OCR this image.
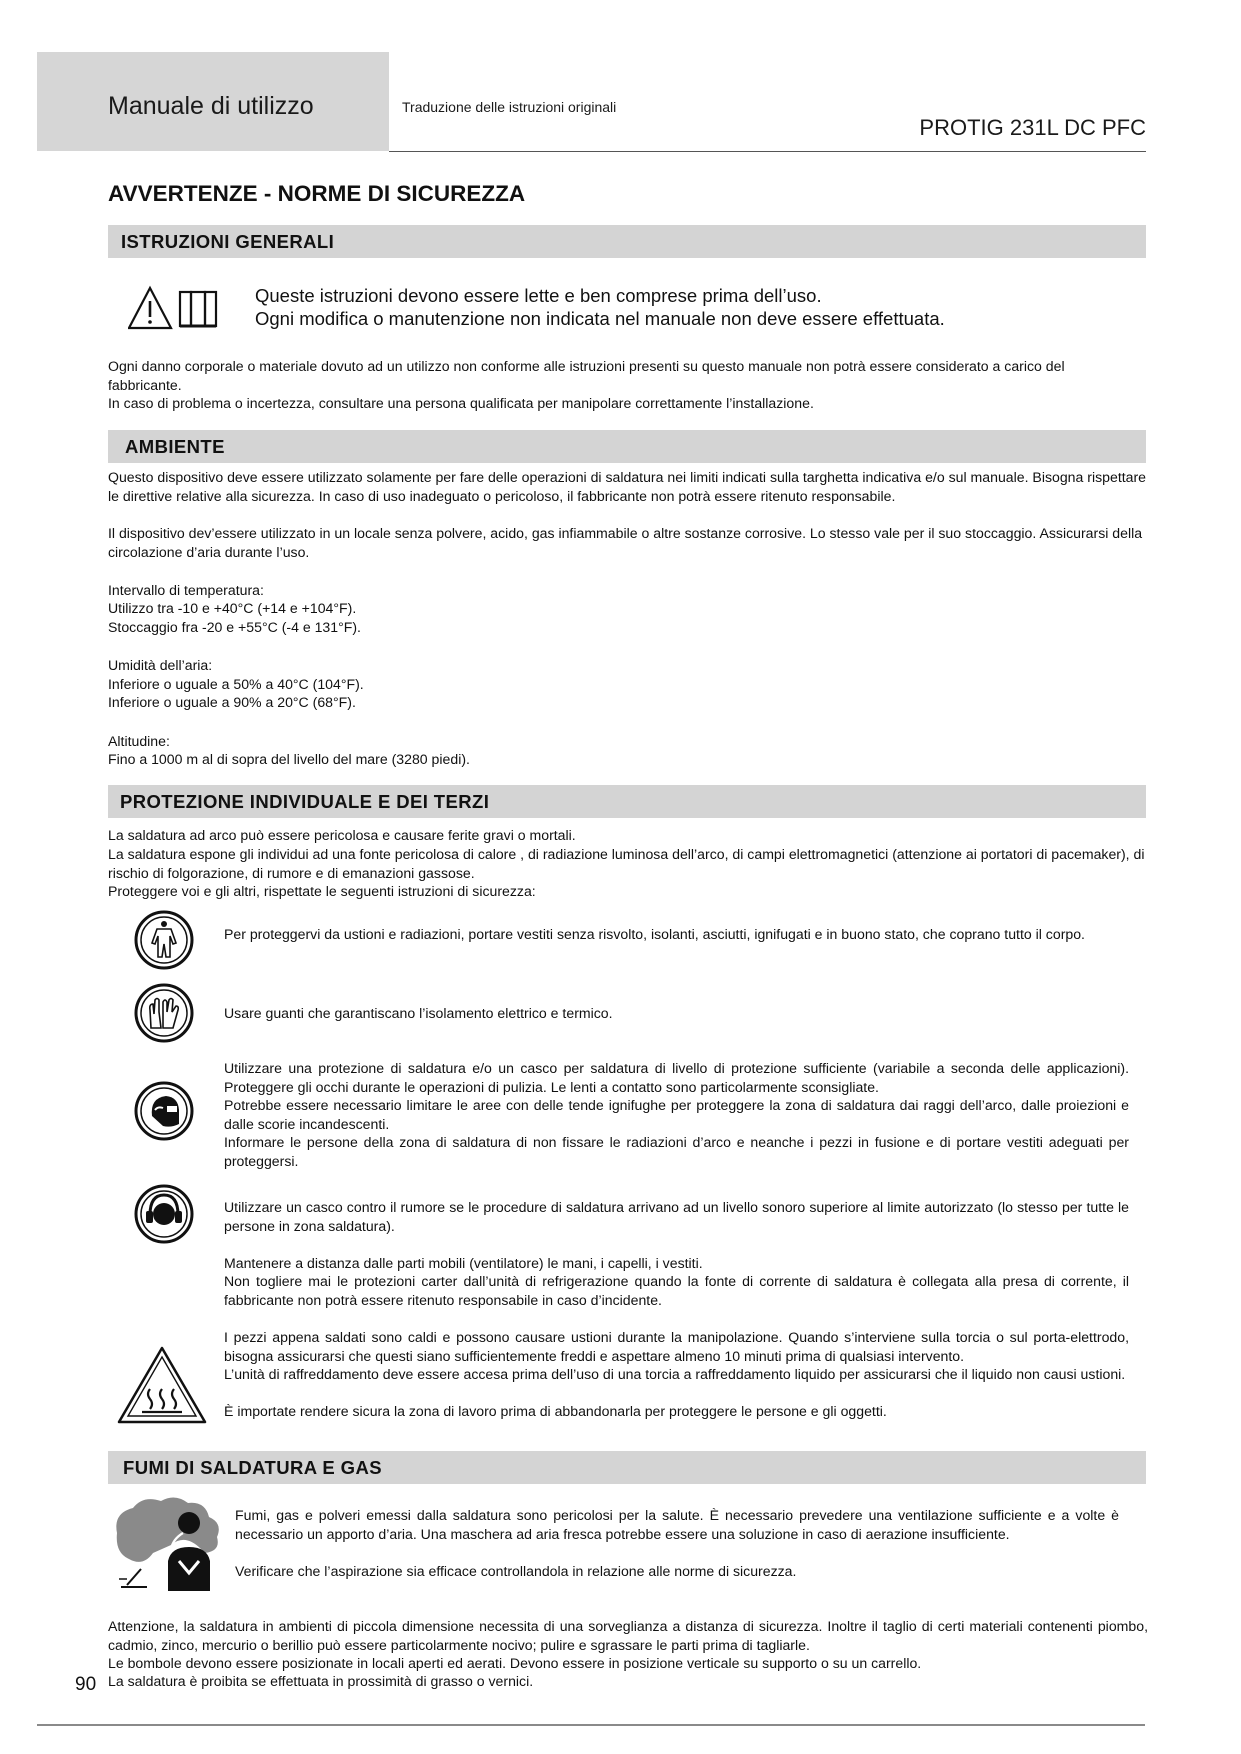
Manuale di utilizzo	Traduzione delle istruzioni originali
PROTIG 231L DC PFC
AVVERTENZE - NORME DI SICUREZZA
ISTRUZIONI GENERALI
Queste istruzioni devono essere lette e ben comprese prima dell’uso.
Ogni modifica o manutenzione non indicata nel manuale non deve essere effettuata.
Ogni danno corporale o materiale dovuto ad un utilizzo non conforme alle istruzioni presenti su questo manuale non potrà essere considerato a carico del fabbricante.
In caso di problema o incertezza, consultare una persona qualificata per manipolare correttamente l’installazione.
AMBIENTE
Questo dispositivo deve essere utilizzato solamente per fare delle operazioni di saldatura nei limiti indicati sulla targhetta indicativa e/o sul manuale. Bisogna rispettare le direttive relative alla sicurezza. In caso di uso inadeguato o pericoloso, il fabbricante non potrà essere ritenuto responsabile.
Il dispositivo dev’essere utilizzato in un locale senza polvere, acido, gas infiammabile o altre sostanze corrosive. Lo stesso vale per il suo stoccaggio. Assicurarsi della circolazione d’aria durante l’uso.
Intervallo di temperatura:
Utilizzo tra -10 e +40°C (+14 e +104°F).
Stoccaggio fra -20 e +55°C (-4 e 131°F).
Umidità dell’aria:
Inferiore o uguale a 50% a 40°C (104°F).
Inferiore o uguale a 90% a 20°C (68°F).
Altitudine:
Fino a 1000 m al di sopra del livello del mare (3280 piedi).
PROTEZIONE INDIVIDUALE E DEI TERZI
La saldatura ad arco può essere pericolosa e causare ferite gravi o mortali.
La saldatura espone gli individui ad una fonte pericolosa di calore , di radiazione luminosa dell’arco, di campi elettromagnetici (attenzione ai portatori di pacemaker), di rischio di folgorazione, di rumore e di emanazioni gassose.
Proteggere voi e gli altri, rispettate le seguenti istruzioni di sicurezza:
Per proteggervi da ustioni e radiazioni, portare vestiti senza risvolto, isolanti, asciutti, ignifugati e in buono stato, che coprano tutto il corpo.
Usare guanti che garantiscano l’isolamento elettrico e termico.
Utilizzare una protezione di saldatura e/o un casco per saldatura di livello di protezione sufficiente (variabile a seconda delle applicazioni). Proteggere gli occhi durante le operazioni di pulizia. Le lenti a contatto sono particolarmente sconsigliate.
Potrebbe essere necessario limitare le aree con delle tende ignifughe per proteggere la zona di saldatura dai raggi dell’arco, dalle proiezioni e dalle scorie incandescenti.
Informare le persone della zona di saldatura di non fissare le radiazioni d’arco e neanche i pezzi in fusione e di portare vestiti adeguati per proteggersi.
Utilizzare un casco contro il rumore se le procedure di saldatura arrivano ad un livello sonoro superiore al limite autorizzato (lo stesso per tutte le persone in zona saldatura).
Mantenere a distanza dalle parti mobili (ventilatore) le mani, i capelli, i vestiti.
Non togliere mai le protezioni carter dall’unità di refrigerazione quando la fonte di corrente di saldatura è collegata alla presa di corrente, il fabbricante non potrà essere ritenuto responsabile in caso d’incidente.
I pezzi appena saldati sono caldi e possono causare ustioni durante la manipolazione. Quando s’interviene sulla torcia o sul porta-elettrodo, bisogna assicurarsi che questi siano sufficientemente freddi e aspettare almeno 10 minuti prima di qualsiasi intervento.
L’unità di raffreddamento deve essere accesa prima dell’uso di una torcia a raffreddamento liquido per assicurarsi che il liquido non causi ustioni.
È importate rendere sicura la zona di lavoro prima di abbandonarla per proteggere le persone e gli oggetti.
FUMI DI SALDATURA E GAS
Fumi, gas e polveri emessi dalla saldatura sono pericolosi per la salute. È necessario prevedere una ventilazione sufficiente e a volte è necessario un apporto d’aria. Una maschera ad aria fresca potrebbe essere una soluzione in caso di aerazione insufficiente.
Verificare che l’aspirazione sia efficace controllandola in relazione alle norme di sicurezza.
Attenzione, la saldatura in ambienti di piccola dimensione necessita di una sorveglianza a distanza di sicurezza. Inoltre il taglio di certi materiali contenenti piombo, cadmio, zinco, mercurio o berillio può essere particolarmente nocivo; pulire e sgrassare le parti prima di tagliarle.
Le bombole devono essere posizionate in locali aperti ed aerati. Devono essere in posizione verticale su supporto o su un carrello.
La saldatura è proibita se effettuata in prossimità di grasso o vernici.
90
